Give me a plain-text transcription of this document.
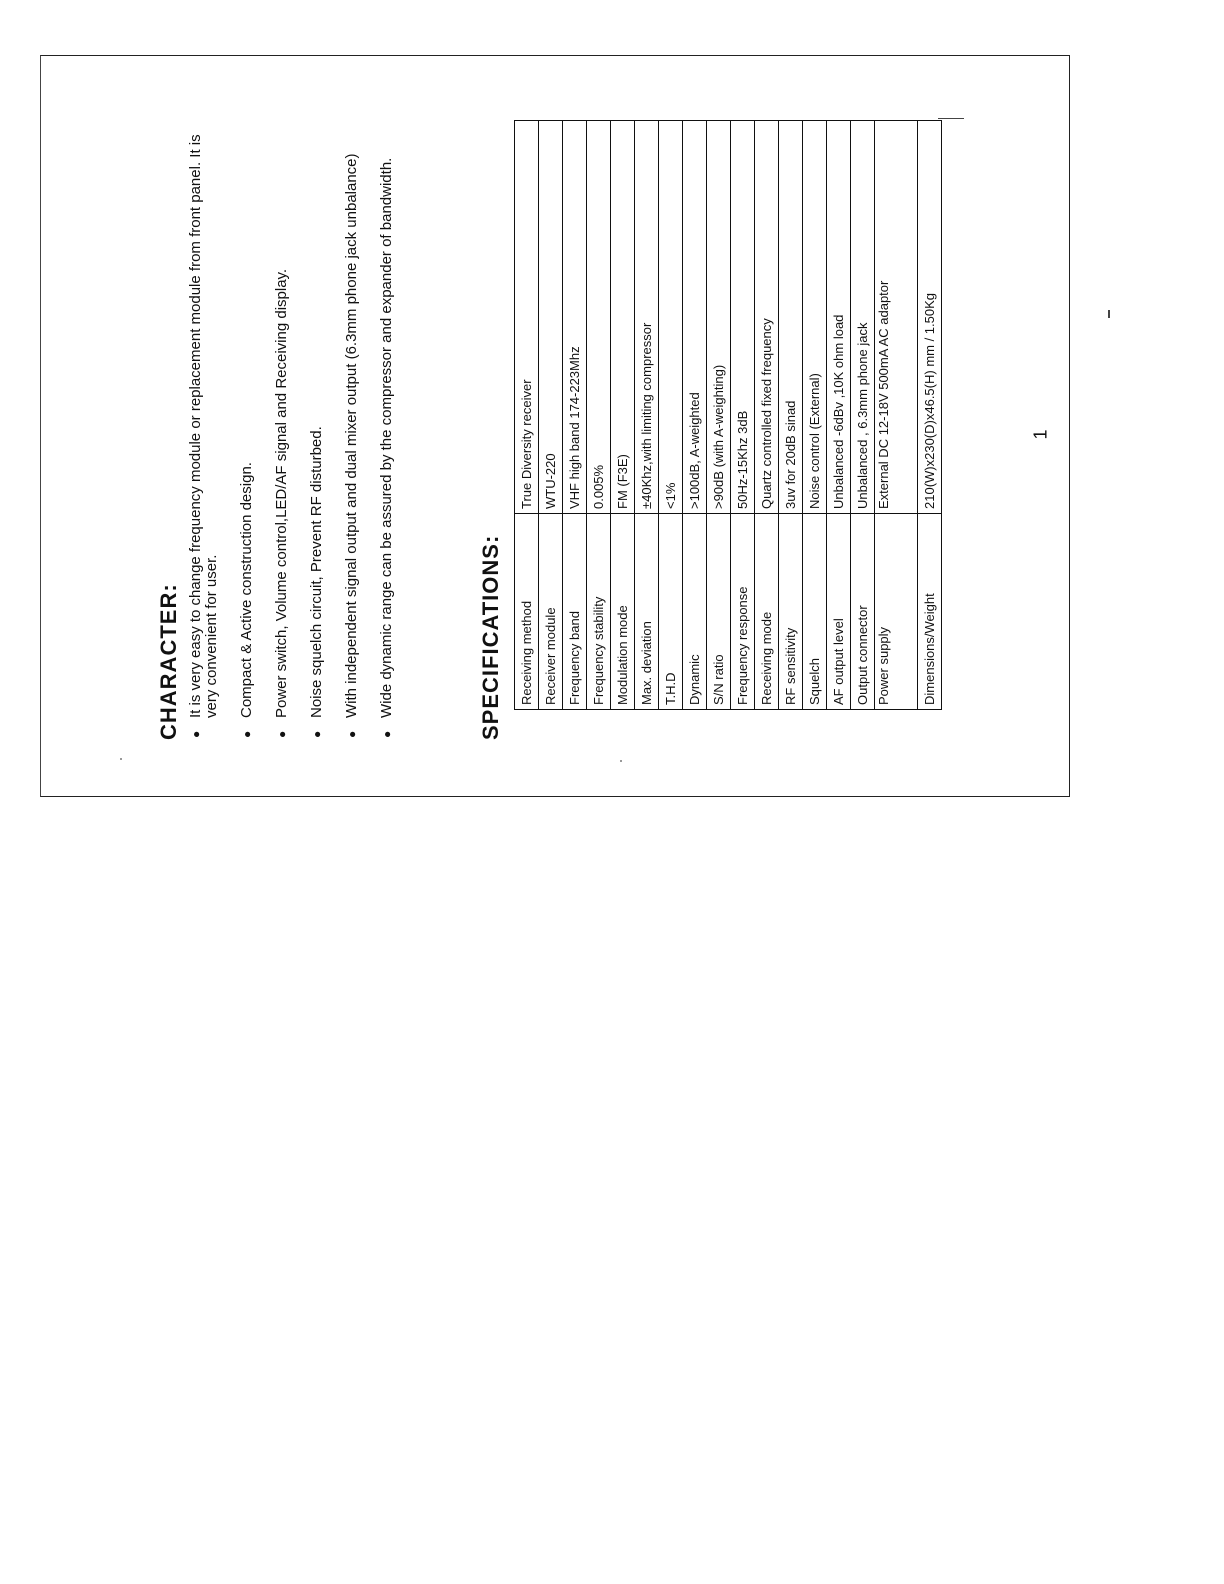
CHARACTER: ●
It is very easy to change frequency module or replacement module from front panel. It is very convenient for user.
●
Compact & Active construction design.
●
Power switch, Volume control,LED/AF signal and Receiving display.
●
Noise squelch circuit, Prevent RF disturbed.
●
With independent signal output and dual mixer output (6.3mm phone jack unbalance)
●
Wide dynamic range can be assured by the compressor and expander of bandwidth.	SPECIFICATIONS: Receiving method	True Diversity receiver
Receiver module	WTU-220
Frequency band	VHF high band 174-223Mhz
Frequency stability	0.005%
Modulation mode	FM (F3E)
Max. deviation	±40Khz,with limiting compressor
T.H.D	<1%
Dynamic	>100dB, A-weighted
S/N ratio	>90dB (with A-weighting)
Frequency response	50Hz-15Khz 3dB
Receiving mode	Quartz controlled fixed frequency
RF sensitivity	3uv for 20dB sinad
Squelch	Noise control (External)
AF output level	Unbalanced -6dBv ,10K ohm load
Output connector	Unbalanced , 6.3mm phone jack
Power supply	External DC 12-18V 500mA AC adaptor
Dimensions/Weight	210(W)x230(D)x46.5(H) mm / 1.50Kg	1
